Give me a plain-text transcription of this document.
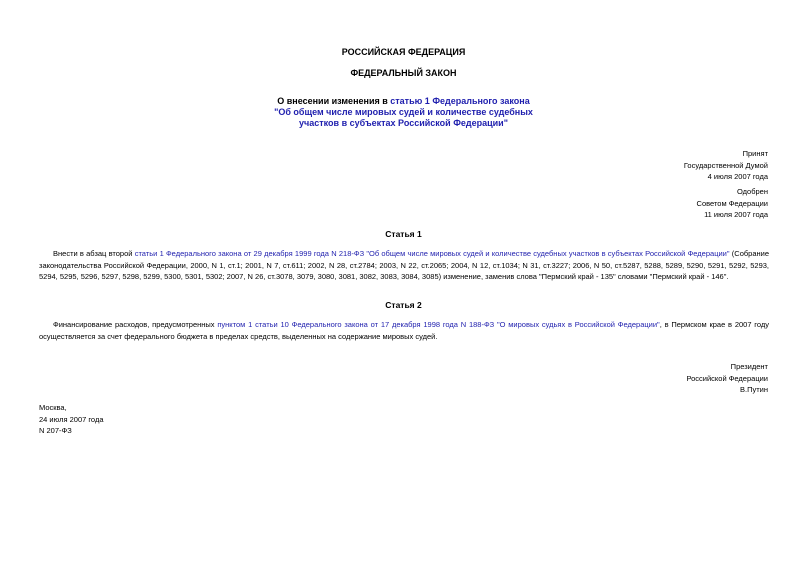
РОССИЙСКАЯ ФЕДЕРАЦИЯ
ФЕДЕРАЛЬНЫЙ ЗАКОН
О внесении изменения в статью 1 Федерального закона
"Об общем числе мировых судей и количестве судебных
участков в субъектах Российской Федерации"
Принят
Государственной Думой
4 июля 2007 года
Одобрен
Советом Федерации
11 июля 2007 года
Статья 1
Внести в абзац второй статьи 1 Федерального закона от 29 декабря 1999 года N 218-ФЗ "Об общем числе мировых судей и количестве судебных участков в субъектах Российской Федерации" (Собрание законодательства Российской Федерации, 2000, N 1, ст.1; 2001, N 7, ст.611; 2002, N 28, ст.2784; 2003, N 22, ст.2065; 2004, N 12, ст.1034; N 31, ст.3227; 2006, N 50, ст.5287, 5288, 5289, 5290, 5291, 5292, 5293, 5294, 5295, 5296, 5297, 5298, 5299, 5300, 5301, 5302; 2007, N 26, ст.3078, 3079, 3080, 3081, 3082, 3083, 3084, 3085) изменение, заменив слова "Пермский край - 135" словами "Пермский край - 146".
Статья 2
Финансирование расходов, предусмотренных пунктом 1 статьи 10 Федерального закона от 17 декабря 1998 года N 188-ФЗ "О мировых судьях в Российской Федерации", в Пермском крае в 2007 году осуществляется за счет федерального бюджета в пределах средств, выделенных на содержание мировых судей.
Президент
Российской Федерации
В.Путин
Москва,
24 июля 2007 года
N 207-ФЗ
